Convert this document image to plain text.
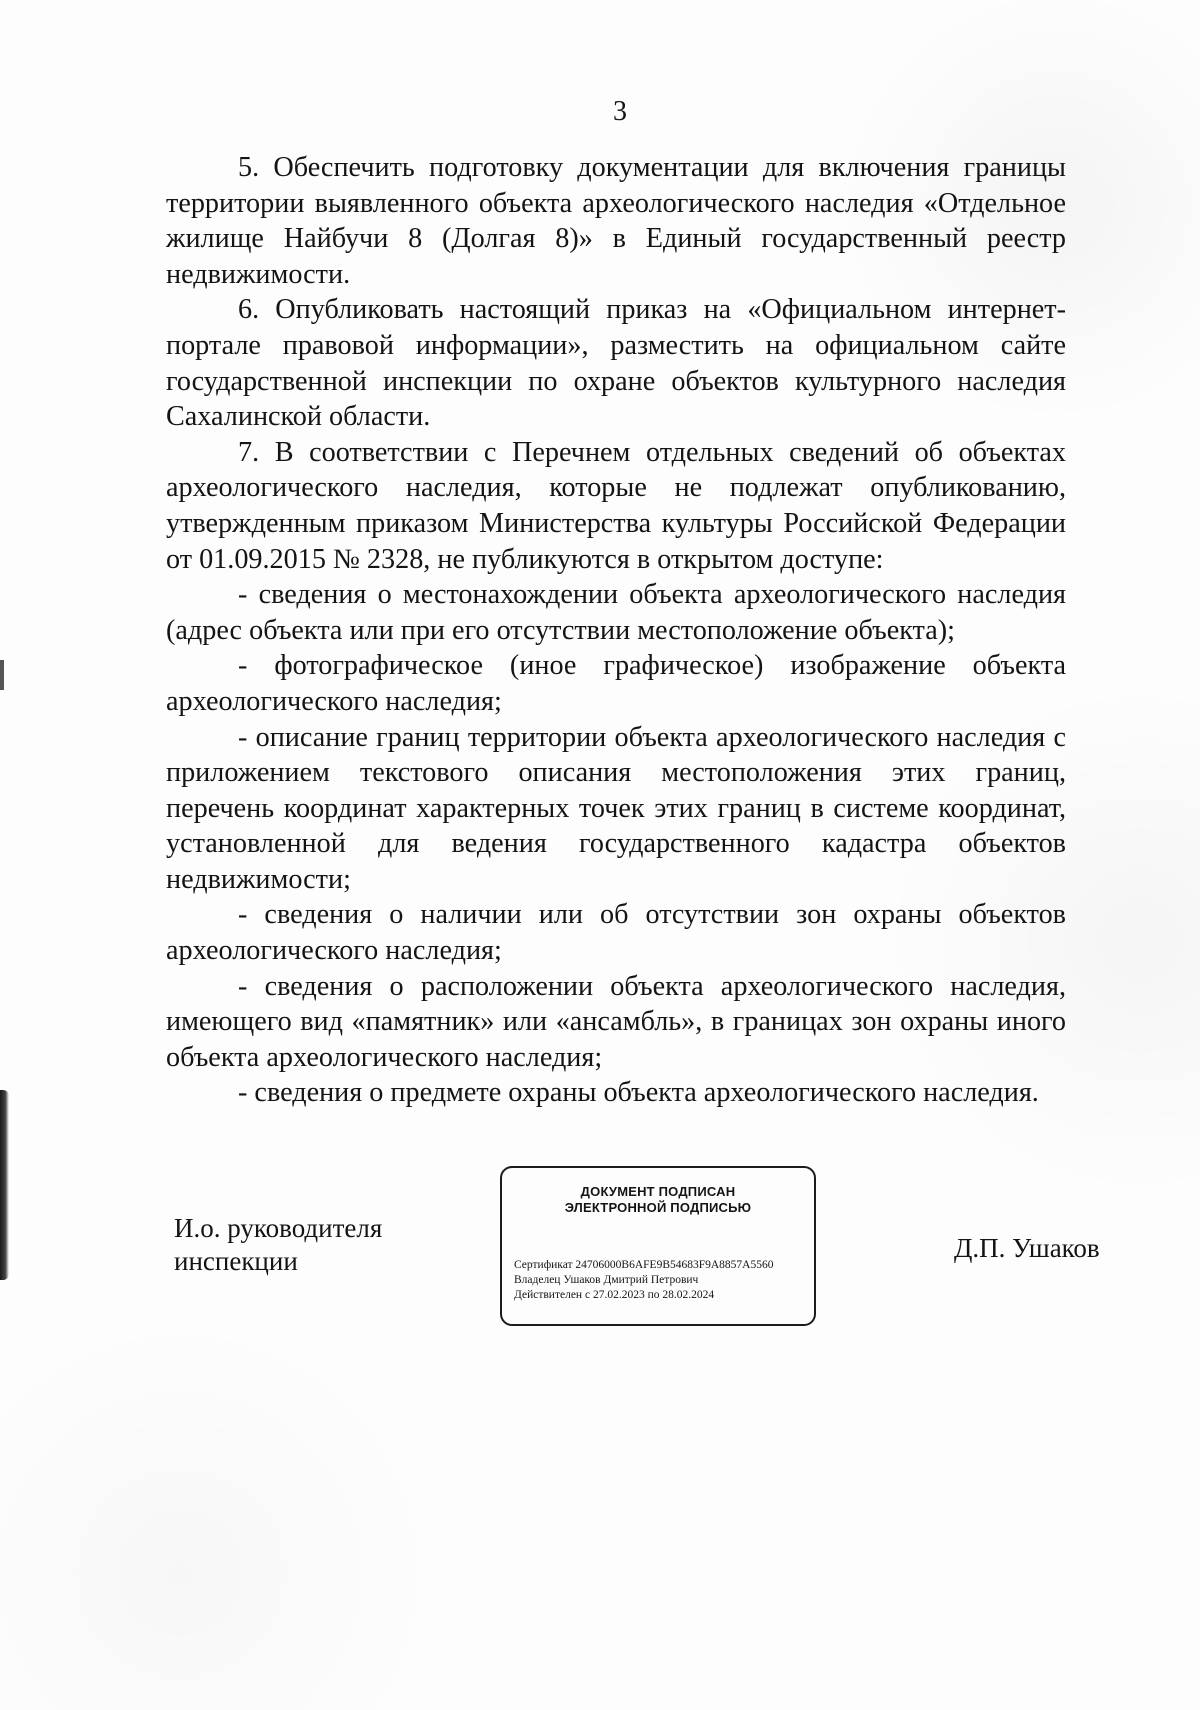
3

5. Обеспечить подготовку документации для включения границы территории выявленного объекта археологического наследия «Отдельное жилище Найбучи 8 (Долгая 8)» в Единый государственный реестр недвижимости.

6. Опубликовать настоящий приказ на «Официальном интернет-портале правовой информации», разместить на официальном сайте государственной инспекции по охране объектов культурного наследия Сахалинской области.

7. В соответствии с Перечнем отдельных сведений об объектах археологического наследия, которые не подлежат опубликованию, утвержденным приказом Министерства культуры Российской Федерации от 01.09.2015 № 2328, не публикуются в открытом доступе:

- сведения о местонахождении объекта археологического наследия (адрес объекта или при его отсутствии местоположение объекта);

- фотографическое (иное графическое) изображение объекта археологического наследия;

- описание границ территории объекта археологического наследия с приложением текстового описания местоположения этих границ, перечень координат характерных точек этих границ в системе координат, установленной для ведения государственного кадастра объектов недвижимости;

- сведения о наличии или об отсутствии зон охраны объектов археологического наследия;

- сведения о расположении объекта археологического наследия, имеющего вид «памятник» или «ансамбль», в границах зон охраны иного объекта археологического наследия;

- сведения о предмете охраны объекта археологического наследия.

И.о. руководителя
инспекции
ДОКУМЕНТ ПОДПИСАН
ЭЛЕКТРОННОЙ ПОДПИСЬЮ
Сертификат 24706000B6AFE9B54683F9A8857A5560
Владелец Ушаков Дмитрий Петрович
Действителен с 27.02.2023 по 28.02.2024
Д.П. Ушаков
